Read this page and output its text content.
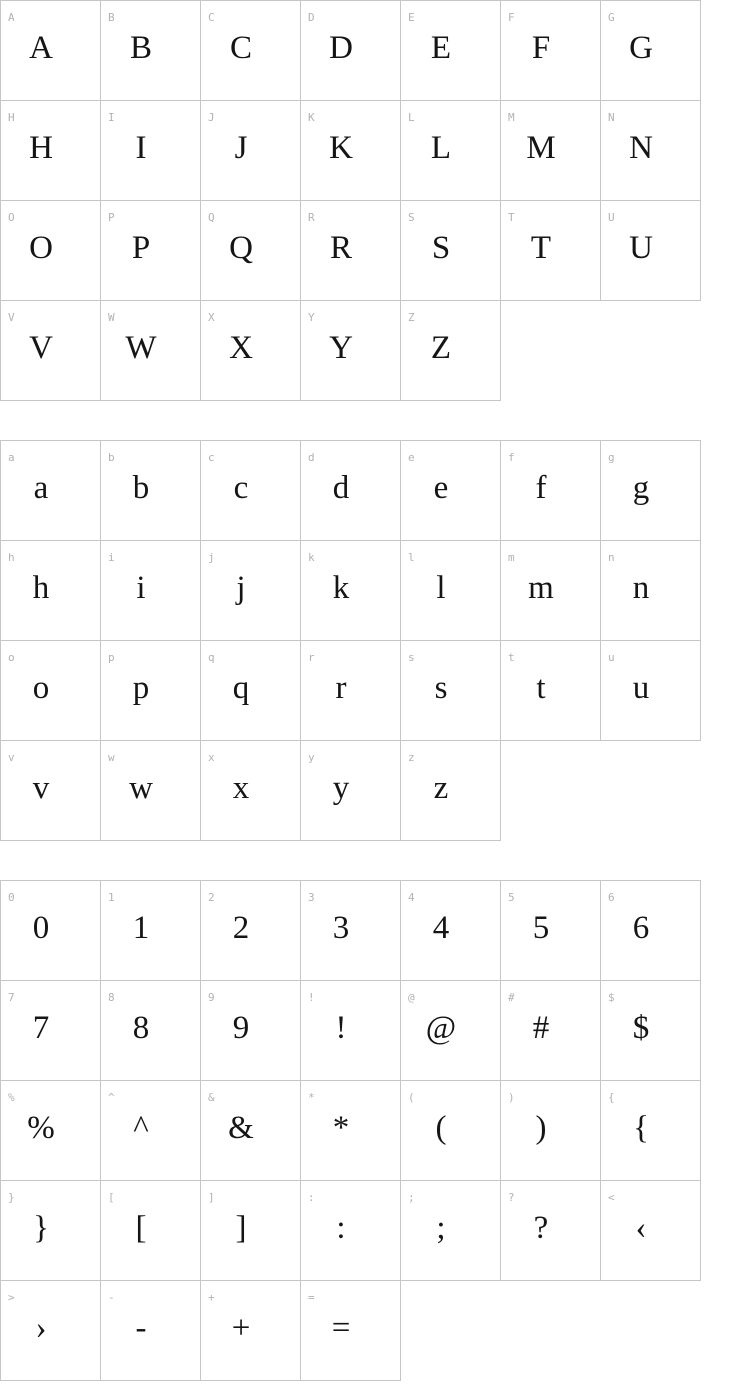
A
A
B
B
C
C
D
D
E
E
F
F
G
G
H
H
I
I
J
J
K
K
L
L
M
M
N
N
O
O
P
P
Q
Q
R
R
S
S
T
T
U
U
V
V
W
W
X
X
Y
Y
Z
Z
a
a
b
b
c
c
d
d
e
e
f
f
g
g
h
h
i
i
j
j
k
k
l
l
m
m
n
n
o
o
p
p
q
q
r
r
s
s
t
t
u
u
v
v
w
w
x
x
y
y
z
z
0
0
1
1
2
2
3
3
4
4
5
5
6
6
7
7
8
8
9
9
!
!
@
@
#
#
$
$
%
%
^
^
&
&
*
*
(
(
)
)
{
{
}
}
[
[
]
]
:
:
;
;
?
?
<
‹
>
›
-
-
+
+
=
=
